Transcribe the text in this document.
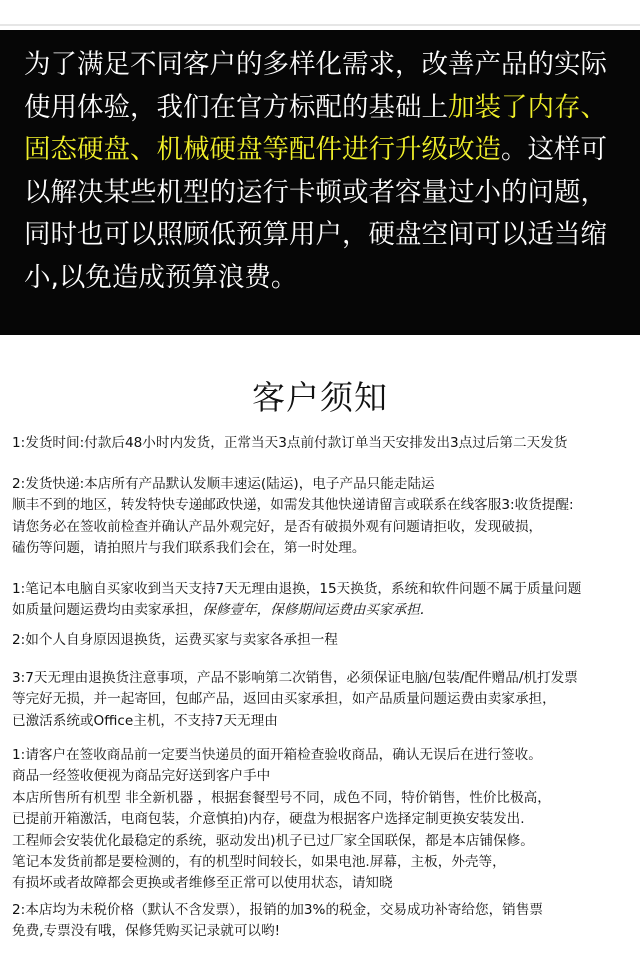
为了满足不同客户的多样化需求，改善产品的实际
使用体验，我们在官方标配的基础上加装了内存、
固态硬盘、机械硬盘等配件进行升级改造。这样可
以解决某些机型的运行卡顿或者容量过小的问题，
同时也可以照顾低预算用户，硬盘空间可以适当缩
小,以免造成预算浪费。
客户须知
1:发货时间:付款后48小时内发货，正常当天3点前付款订单当天安排发出3点过后第二天发货
2:发货快递:本店所有产品默认发顺丰速运(陆运)，电子产品只能走陆运
顺丰不到的地区，转发特快专递邮政快递，如需发其他快递请留言或联系在线客服3:收货提醒:
请您务必在签收前检查并确认产品外观完好，是否有破损外观有问题请拒收，发现破损，
磕伤等问题，请拍照片与我们联系我们会在，第一时处理。
1:笔记本电脑自买家收到当天支持7天无理由退换，15天换货，系统和软件问题不属于质量问题
如质量问题运费均由卖家承担，保修壹年，保修期间运费由买家承担.
2:如个人自身原因退换货，运费买家与卖家各承担一程
3:7天无理由退换货注意事项，产品不影响第二次销售，必须保证电脑/包装/配件赠品/机打发票
等完好无损，并一起寄回，包邮产品，返回由买家承担，如产品质量问题运费由卖家承担，
已激活系统或Office主机，不支持7天无理由
1:请客户在签收商品前一定要当快递员的面开箱检查验收商品，确认无误后在进行签收。
商品一经签收便视为商品完好送到客户手中
本店所售所有机型 非全新机器 ，根据套餐型号不同，成色不同，特价销售，性价比极高，
已提前开箱激活，电商包装，介意慎拍)内存，硬盘为根据客户选择定制更换安装发出.
工程师会安装优化最稳定的系统，驱动发出)机子已过厂家全国联保，都是本店铺保修。
笔记本发货前都是要检测的，有的机型时间较长，如果电池.屏幕，主板，外壳等，
有损坏或者故障都会更换或者维修至正常可以使用状态，请知晓
2:本店均为未税价格（默认不含发票），报销的加3%的税金，交易成功补寄给您，销售票
免费,专票没有哦，保修凭购买记录就可以哟!
